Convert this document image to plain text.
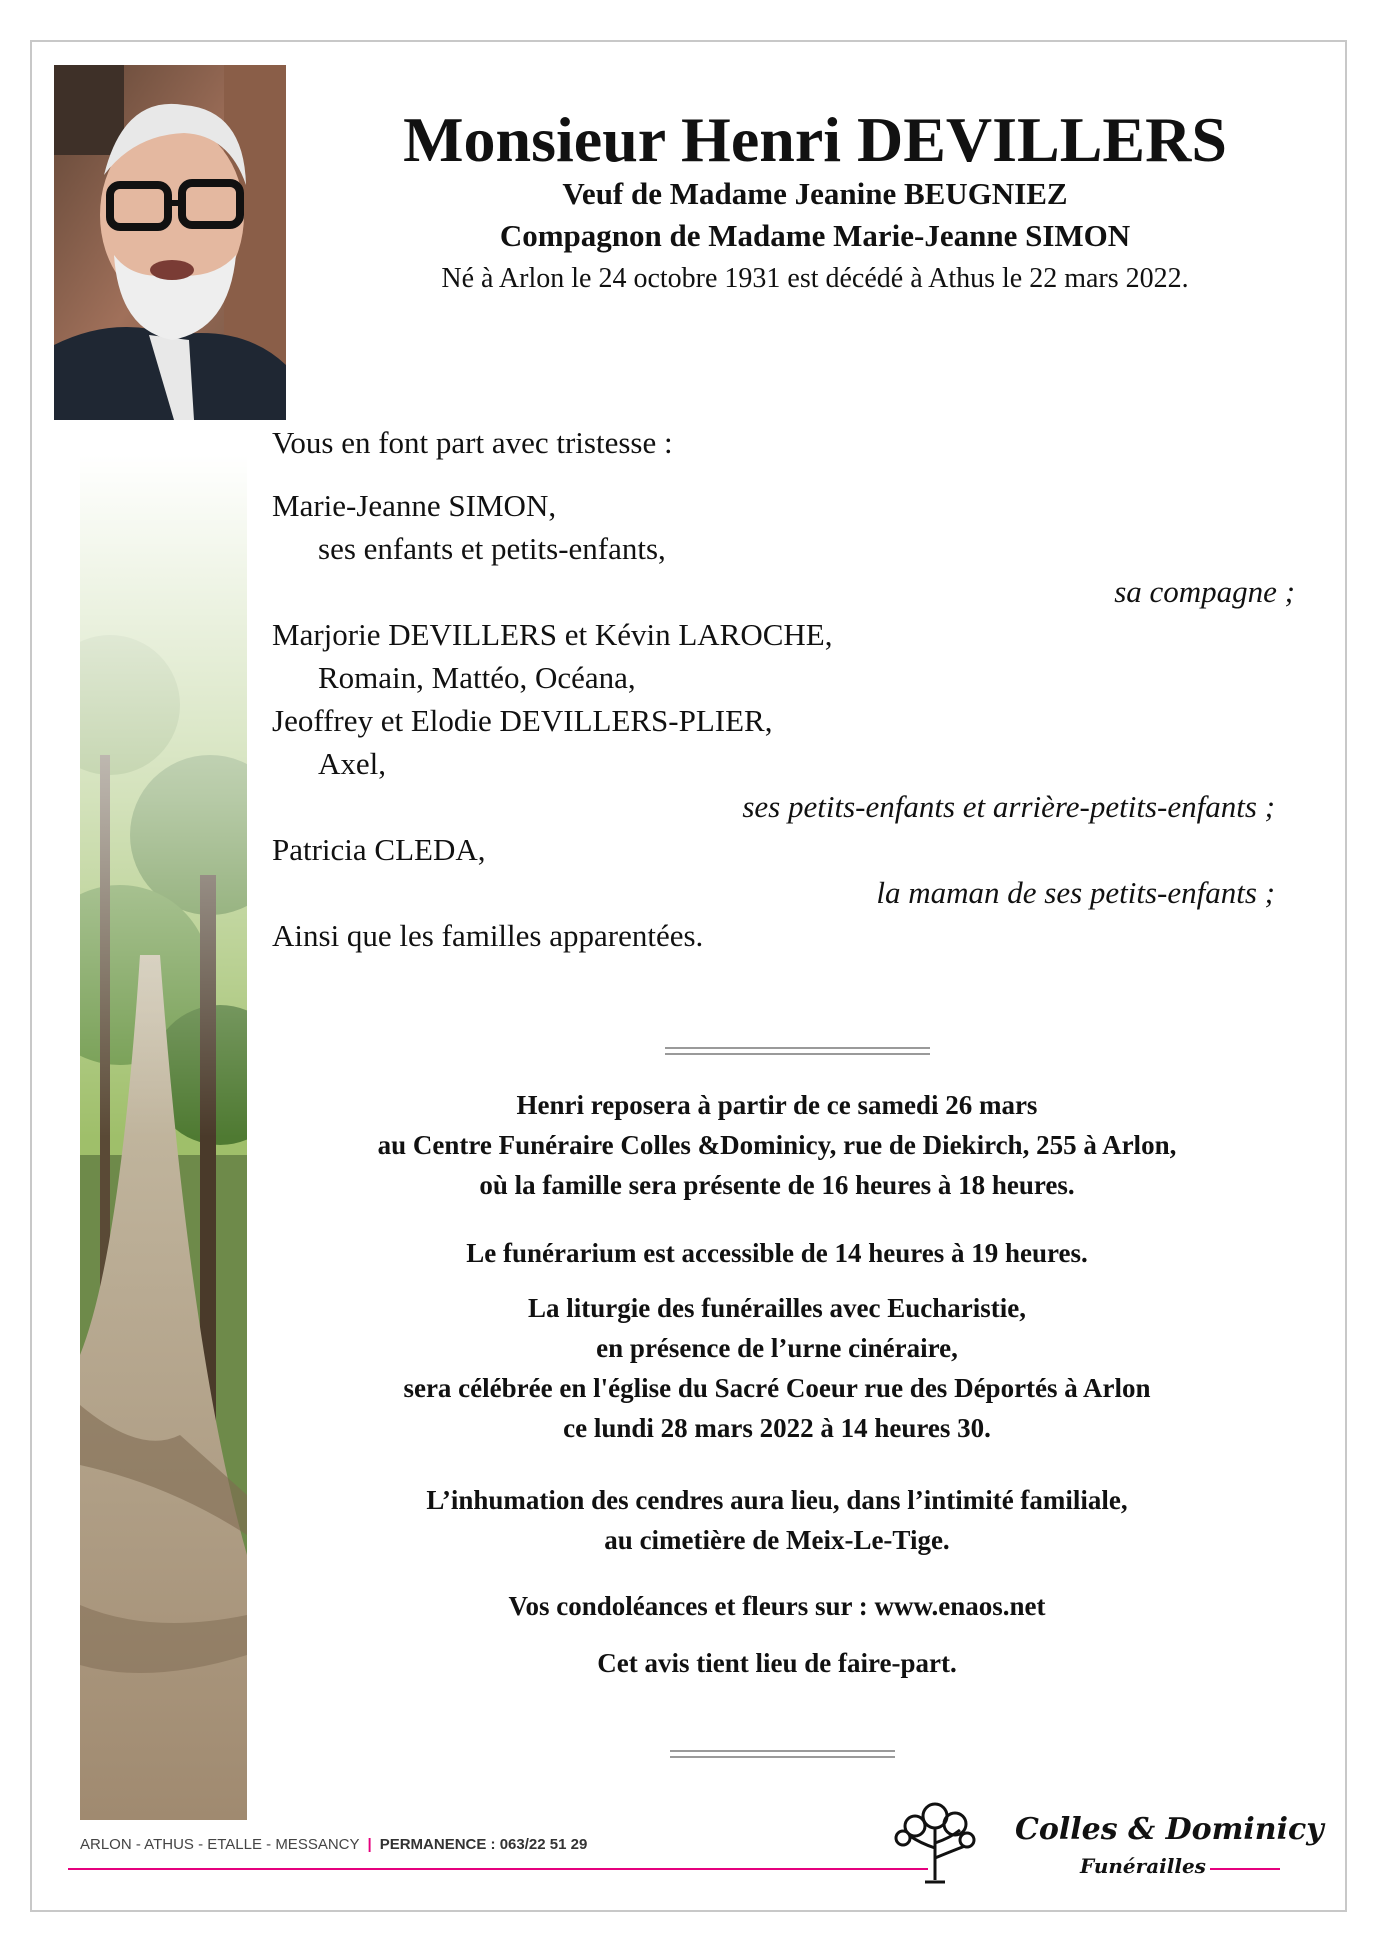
Monsieur Henri DEVILLERS
Veuf de Madame Jeanine BEUGNIEZ
Compagnon de Madame Marie-Jeanne SIMON
Né à Arlon le 24 octobre 1931 est décédé à Athus le 22 mars 2022.
Vous en font part avec tristesse :
Marie-Jeanne SIMON,
ses enfants et petits-enfants,
sa compagne ;
Marjorie DEVILLERS et Kévin LAROCHE,
Romain, Mattéo, Océana,
Jeoffrey et Elodie DEVILLERS-PLIER,
Axel,
ses petits-enfants et arrière-petits-enfants ;
Patricia CLEDA,
la maman de ses petits-enfants ;
Ainsi que les familles apparentées.
Henri reposera à partir de ce samedi 26 mars
au Centre Funéraire Colles &Dominicy, rue de Diekirch, 255 à Arlon,
où la famille sera présente de 16 heures à 18 heures.
Le funérarium est accessible de 14 heures à 19 heures.
La liturgie des funérailles avec Eucharistie,
en présence de l’urne cinéraire,
sera célébrée en l'église du Sacré Coeur rue des Déportés à Arlon
ce lundi 28 mars 2022 à 14 heures 30.
L’inhumation des cendres aura lieu, dans l’intimité familiale,
au cimetière de Meix-Le-Tige.
Vos condoléances et fleurs sur : www.enaos.net
Cet avis tient lieu de faire-part.
ARLON - ATHUS - ETALLE - MESSANCY | PERMANENCE : 063/22 51 29	Colles & Dominicy
Funérailles
